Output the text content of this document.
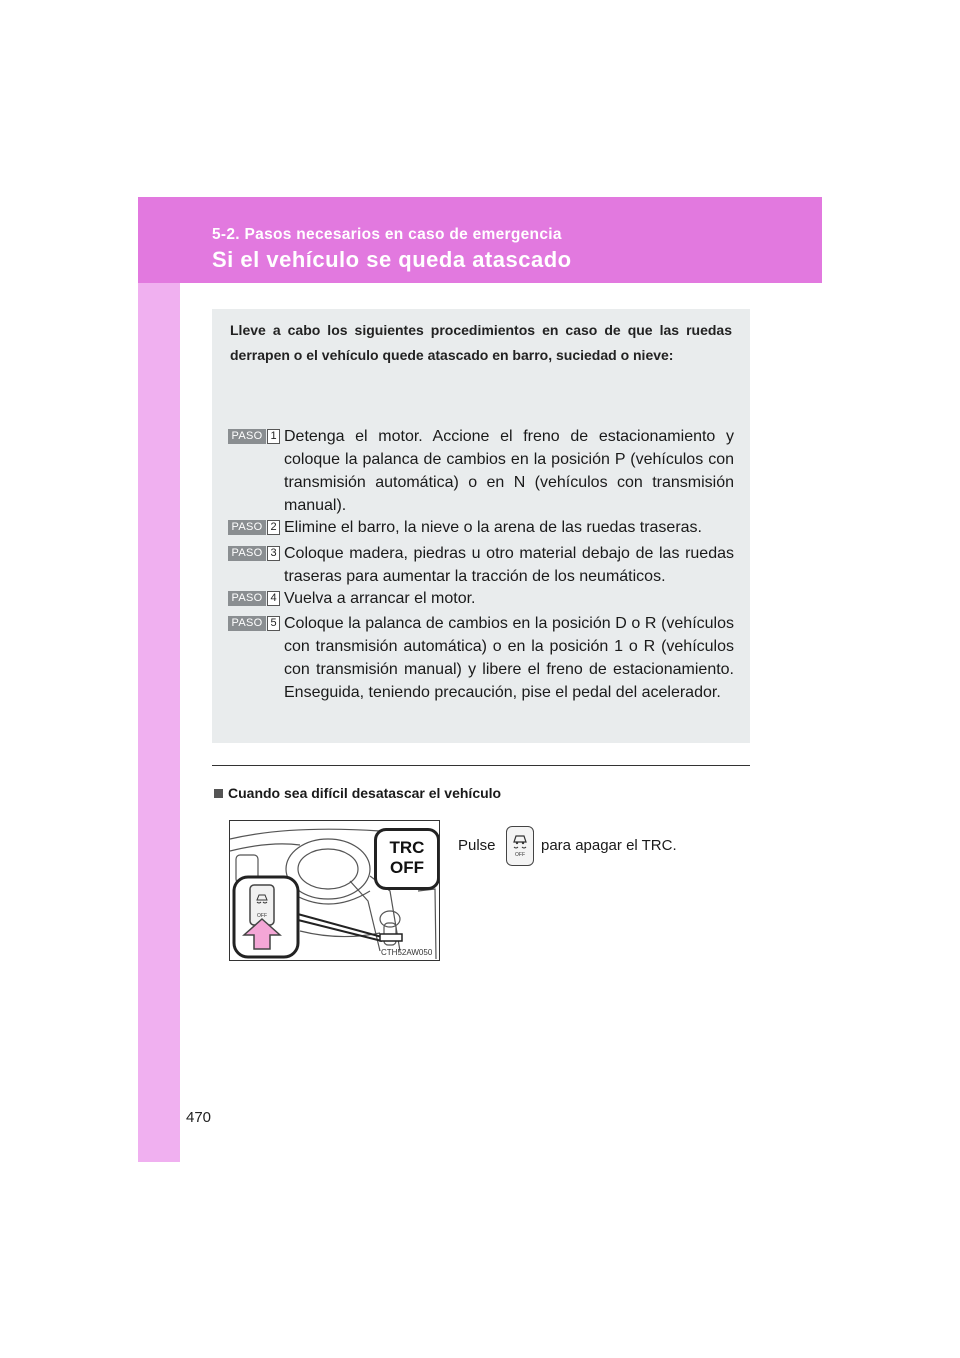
5-2. Pasos necesarios en caso de emergencia
Si el vehículo se queda atascado
Lleve a cabo los siguientes procedimientos en caso de que las ruedas derrapen o el vehículo quede atascado en barro, suciedad o nieve:
PASO 1 Detenga el motor. Accione el freno de estacionamiento y coloque la palanca de cambios en la posición P (vehículos con transmisión automática) o en N (vehículos con transmisión manual).
PASO 2 Elimine el barro, la nieve o la arena de las ruedas traseras.
PASO 3 Coloque madera, piedras u otro material debajo de las ruedas traseras para aumentar la tracción de los neumáticos.
PASO 4 Vuelva a arrancar el motor.
PASO 5 Coloque la palanca de cambios en la posición D o R (vehículos con transmisión automática) o en la posición 1 o R (vehículos con transmisión manual) y libere el freno de estacionamiento. Enseguida, teniendo precaución, pise el pedal del acelerador.
Cuando sea difícil desatascar el vehículo
OFF
TRC
OFF
CTH52AW050
Pulse
OFF
para apagar el TRC.
470
